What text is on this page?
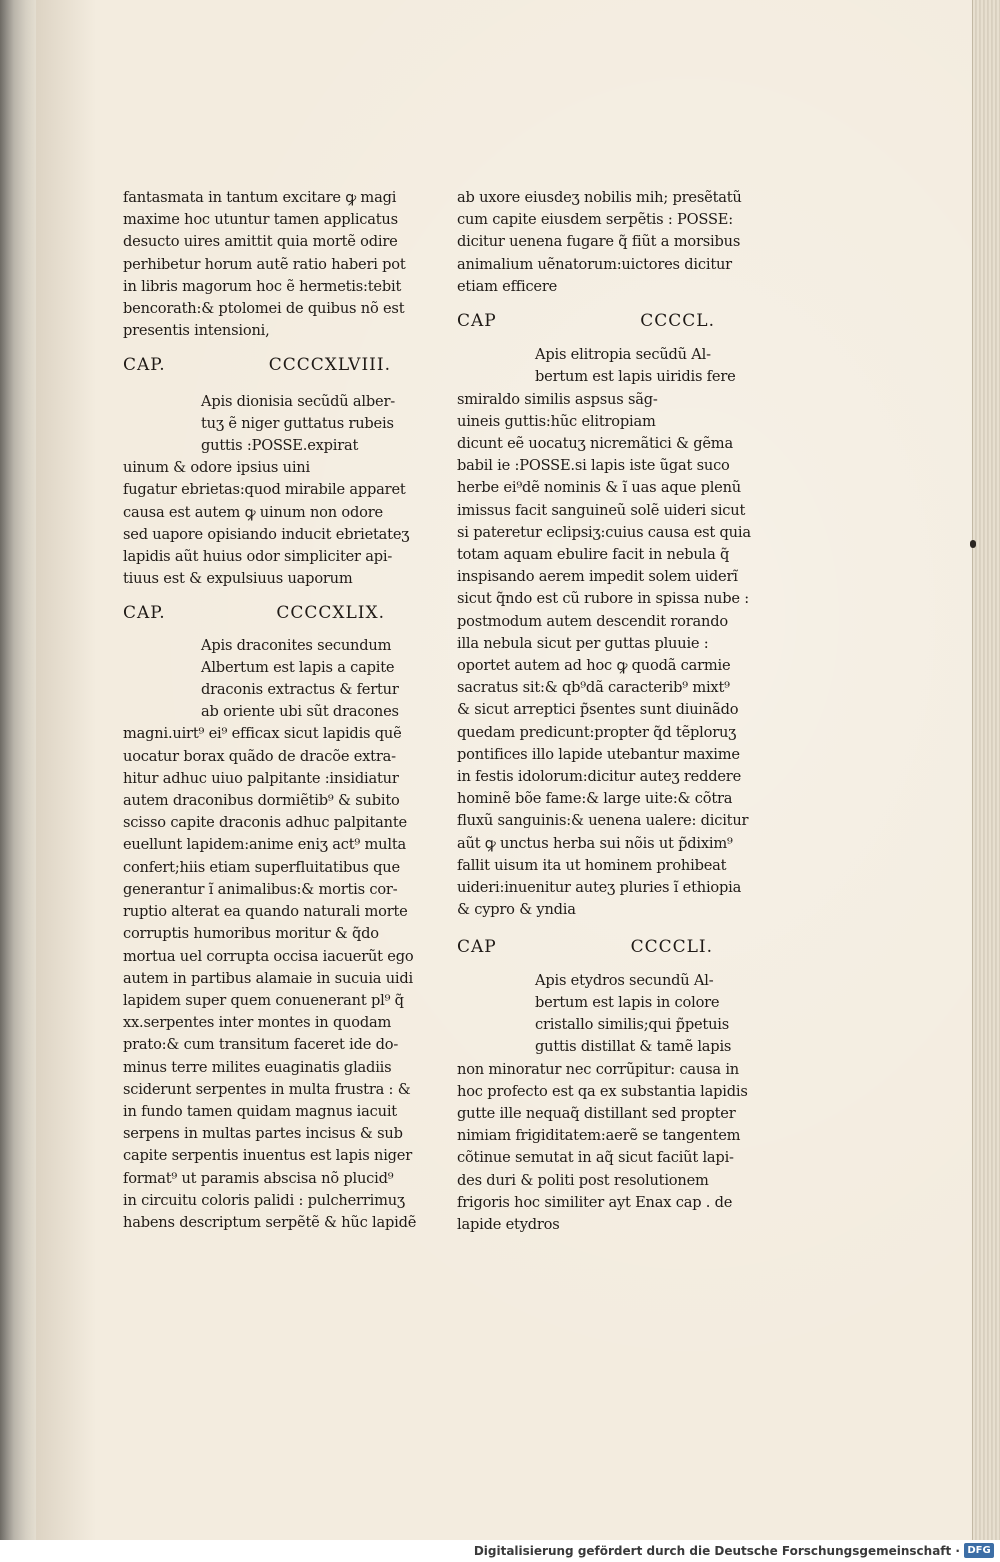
fantasmata in tantum excitare ꝙ magi

maxime hoc utuntur tamen applicatus

desucto uires amittit quia mortẽ odire

perhibetur horum autẽ ratio haberi pot

in libris magorum hoc ẽ hermetis:tebit

bencorath:& ptolomei de quibus nõ est

presentis intensioni,

CAP.	CCCCXLVIII.

Apis dionisia secũdũ alber-

tuʒ ẽ niger guttatus rubeis

guttis :POSSE.expirat

uinum & odore ipsius uini

fugatur ebrietas:quod mirabile apparet

causa est autem ꝙ uinum non odore

sed uapore opisiando inducit ebrietateʒ

lapidis aũt huius odor simpliciter api-

tiuus est & expulsiuus uaporum

CAP.	CCCCXLIX.

Apis draconites secundum

Albertum est lapis a capite

draconis extractus & fertur

ab oriente ubi sũt dracones

magni.uirt⁹ ei⁹ efficax sicut lapidis quẽ

uocatur borax quãdo de dracõe extra-

hitur adhuc uiuo palpitante :insidiatur

autem draconibus dormiẽtib⁹ & subito

scisso capite draconis adhuc palpitante

euellunt lapidem:anime eniʒ act⁹ multa

confert;hiis etiam superfluitatibus que

generantur ĩ animalibus:& mortis cor-

ruptio alterat ea quando naturali morte

corruptis humoribus moritur & q̃do

mortua uel corrupta occisa iacuerũt ego

autem in partibus alamaie in sucuia uidi

lapidem super quem conuenerant pl⁹ q̃

xx.serpentes inter montes in quodam

prato:& cum transitum faceret ide do-

minus terre milites euaginatis gladiis

sciderunt serpentes in multa frustra : &

in fundo tamen quidam magnus iacuit

serpens in multas partes incisus & sub

capite serpentis inuentus est lapis niger

format⁹ ut paramis abscisa nõ plucid⁹

in circuitu coloris palidi : pulcherrimuʒ

habens descriptum serpẽtẽ & hũc lapidẽ

ab uxore eiusdeʒ nobilis mih; presẽtatũ

cum capite eiusdem serpẽtis : POSSE:

dicitur uenena fugare q̃ fiũt a morsibus

animalium uẽnatorum:uictores dicitur

etiam efficere

CAP	CCCCL.

Apis elitropia secũdũ Al-

bertum est lapis uiridis fere

smiraldo similis aspsus sãg-

uineis guttis:hũc elitropiam

dicunt eẽ uocatuʒ nicremãtici & gẽma

babil ie :POSSE.si lapis iste ũgat suco

herbe ei⁹dẽ nominis & ĩ uas aque plenũ

imissus facit sanguineũ solẽ uideri sicut

si pateretur eclipsiʒ:cuius causa est quia

totam aquam ebulire facit in nebula q̃

inspisando aerem impedit solem uiderĩ

sicut q̃ndo est cũ rubore in spissa nube :

postmodum autem descendit rorando

illa nebula sicut per guttas pluuie :

oportet autem ad hoc ꝙ quodã carmie

sacratus sit:& qb⁹dã caracterib⁹ mixt⁹

& sicut arreptici p̃sentes sunt diuinãdo

quedam predicunt:propter q̃d tẽploruʒ

pontifices illo lapide utebantur maxime

in festis idolorum:dicitur auteʒ reddere

hominẽ bõe fame:& large uite:& cõtra

fluxũ sanguinis:& uenena ualere: dicitur

aũt ꝙ unctus herba sui nõis ut p̃dixim⁹

fallit uisum ita ut hominem prohibeat

uideri:inuenitur auteʒ pluries ĩ ethiopia

& cypro & yndia

CAP	CCCCLI.

Apis etydros secundũ Al-

bertum est lapis in colore

cristallo similis;qui p̃petuis

guttis distillat & tamẽ lapis

non minoratur nec corrũpitur: causa in

hoc profecto est qa ex substantia lapidis

gutte ille nequaq̃ distillant sed propter

nimiam frigiditatem:aerẽ se tangentem

cõtinue semutat in aq̃ sicut faciũt lapi-

des duri & politi post resolutionem

frigoris hoc similiter ayt Enax cap . de

lapide etydros

Digitalisierung gefördert durch die Deutsche Forschungsgemeinschaft · DFG
